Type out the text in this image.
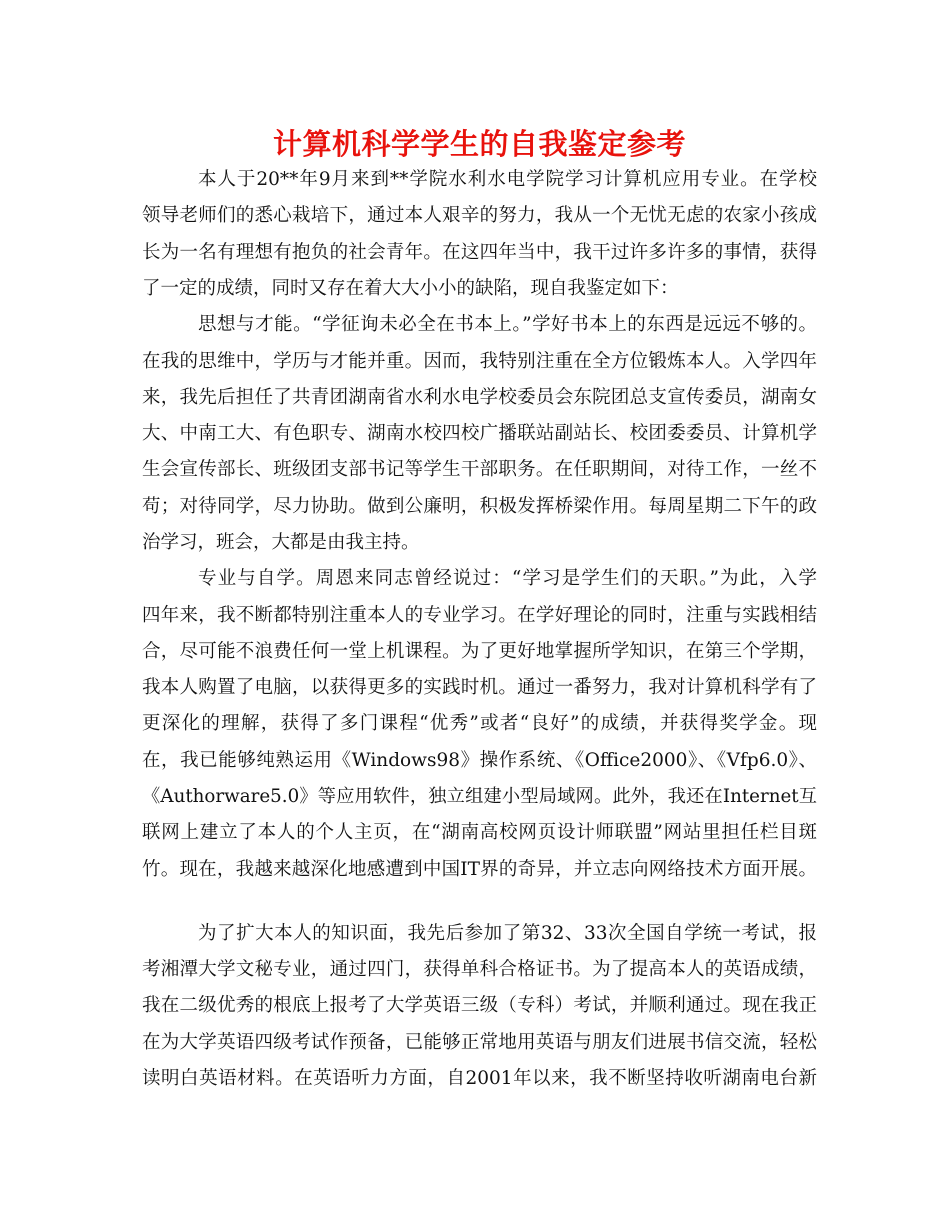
计算机科学学生的自我鉴定参考
本人于20**年9月来到**学院水利水电学院学习计算机应用专业。在学校
领导老师们的悉心栽培下，通过本人艰辛的努力，我从一个无忧无虑的农家小孩成
长为一名有理想有抱负的社会青年。在这四年当中，我干过许多许多的事情，获得
了一定的成绩，同时又存在着大大小小的缺陷，现自我鉴定如下：
思想与才能。“学征询未必全在书本上。”学好书本上的东西是远远不够的。
在我的思维中，学历与才能并重。因而，我特别注重在全方位锻炼本人。入学四年
来，我先后担任了共青团湖南省水利水电学校委员会东院团总支宣传委员，湖南女
大、中南工大、有色职专、湖南水校四校广播联站副站长、校团委委员、计算机学
生会宣传部长、班级团支部书记等学生干部职务。在任职期间，对待工作，一丝不
苟；对待同学，尽力协助。做到公廉明，积极发挥桥梁作用。每周星期二下午的政
治学习，班会，大都是由我主持。
专业与自学。周恩来同志曾经说过：“学习是学生们的天职。”为此，入学
四年来，我不断都特别注重本人的专业学习。在学好理论的同时，注重与实践相结
合，尽可能不浪费任何一堂上机课程。为了更好地掌握所学知识，在第三个学期，
我本人购置了电脑，以获得更多的实践时机。通过一番努力，我对计算机科学有了
更深化的理解，获得了多门课程“优秀”或者“良好”的成绩，并获得奖学金。现
在，我已能够纯熟运用《Windows98》操作系统、《Office2000》、《Vfp6.0》、
《Authorware5.0》等应用软件，独立组建小型局域网。此外，我还在Internet互
联网上建立了本人的个人主页，在“湖南高校网页设计师联盟”网站里担任栏目斑
竹。现在，我越来越深化地感遭到中国IT界的奇异，并立志向网络技术方面开展。
为了扩大本人的知识面，我先后参加了第32、33次全国自学统一考试，报
考湘潭大学文秘专业，通过四门，获得单科合格证书。为了提高本人的英语成绩，
我在二级优秀的根底上报考了大学英语三级（专科）考试，并顺利通过。现在我正
在为大学英语四级考试作预备，已能够正常地用英语与朋友们进展书信交流，轻松
读明白英语材料。在英语听力方面，自2001年以来，我不断坚持收听湖南电台新
